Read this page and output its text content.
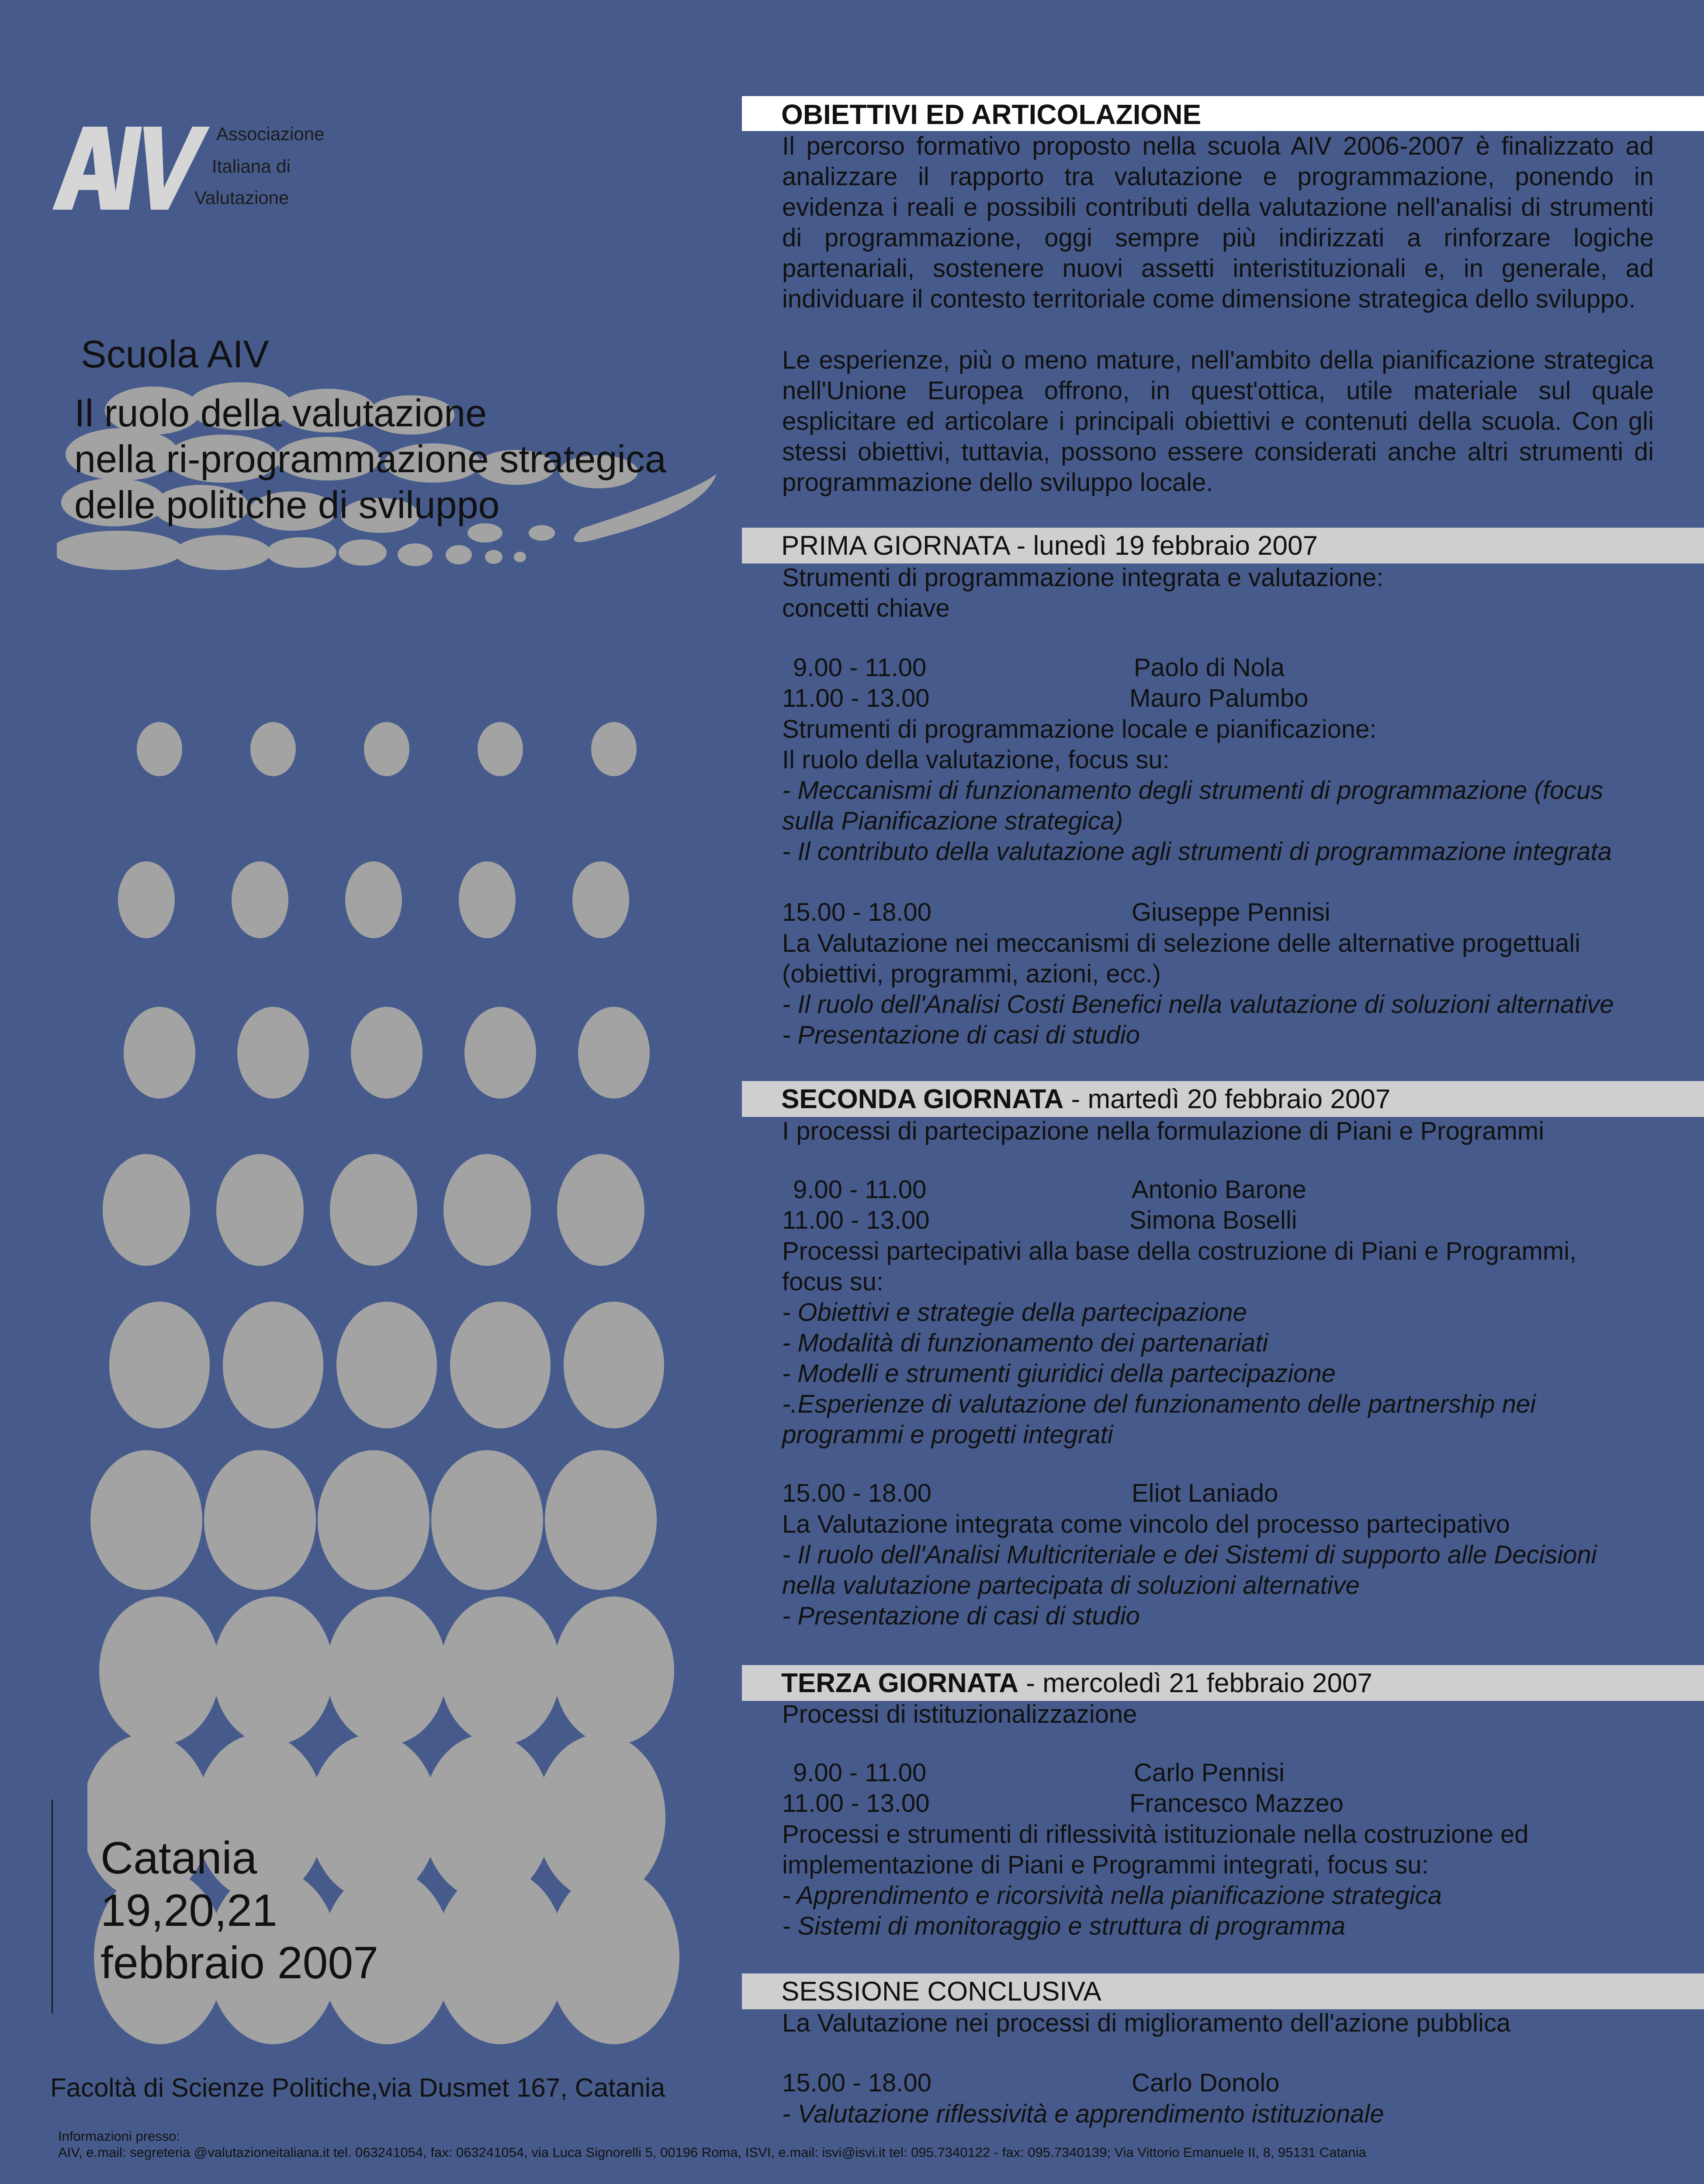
Associazione
Italiana di
Valutazione
Scuola AIV
Il ruolo della valutazione
nella ri-programmazione strategica
delle politiche di sviluppo
Catania
19,20,21
febbraio 2007
Facoltà di Scienze Politiche,via Dusmet 167, Catania
Informazioni presso:
AIV, e.mail: segreteria @valutazioneitaliana.it tel. 063241054, fax: 063241054, via Luca Signorelli 5, 00196 Roma, ISVI, e.mail: isvi@isvi.it tel: 095.7340122 - fax: 095.7340139; Via Vittorio Emanuele II, 8, 95131 Catania
OBIETTIVI ED ARTICOLAZIONE
Il percorso formativo proposto nella scuola AIV 2006-2007 è finalizzato ad analizzare il rapporto tra valutazione e programmazione, ponendo in evidenza i reali e possibili contributi della valutazione nell'analisi di strumenti di programmazione, oggi sempre più indirizzati a rinforzare logiche partenariali, sostenere nuovi assetti interistituzionali e, in generale, ad individuare il contesto territoriale come dimensione strategica dello sviluppo.
Le esperienze, più o meno mature, nell'ambito della pianificazione strategica nell'Unione Europea offrono, in quest'ottica, utile materiale sul quale esplicitare ed articolare i principali obiettivi e contenuti della scuola. Con gli stessi obiettivi, tuttavia, possono essere considerati anche altri strumenti di programmazione dello sviluppo locale.
PRIMA GIORNATA - lunedì 19 febbraio 2007
Strumenti di programmazione integrata e valutazione:
concetti chiave
9.00 - 11.00	Paolo di Nola
11.00 - 13.00	Mauro Palumbo
Strumenti di programmazione locale e pianificazione:
Il ruolo della valutazione, focus su:
- Meccanismi di funzionamento degli strumenti di programmazione (focus
sulla Pianificazione strategica)
- Il contributo della valutazione agli strumenti di programmazione integrata
15.00 - 18.00	Giuseppe Pennisi
La Valutazione nei meccanismi di selezione delle alternative progettuali
(obiettivi, programmi, azioni, ecc.)
- Il ruolo dell'Analisi Costi Benefici nella valutazione di soluzioni alternative
- Presentazione di casi di studio
SECONDA GIORNATA - martedì 20 febbraio 2007
I processi di partecipazione nella formulazione di Piani e Programmi
9.00 - 11.00	Antonio Barone
11.00 - 13.00	Simona Boselli
Processi partecipativi alla base della costruzione di Piani e Programmi,
focus su:
- Obiettivi e strategie della partecipazione
- Modalità di funzionamento dei partenariati
- Modelli e strumenti giuridici della partecipazione
-.Esperienze di valutazione del funzionamento delle partnership nei
programmi e progetti integrati
15.00 - 18.00	Eliot Laniado
La Valutazione integrata come vincolo del processo partecipativo
- Il ruolo dell'Analisi Multicriteriale e dei Sistemi di supporto alle Decisioni
nella valutazione partecipata di soluzioni alternative
- Presentazione di casi di studio
TERZA GIORNATA - mercoledì 21 febbraio 2007
Processi di istituzionalizzazione
9.00 - 11.00	Carlo Pennisi
11.00 - 13.00	Francesco Mazzeo
Processi e strumenti di riflessività istituzionale nella costruzione ed
implementazione di Piani e Programmi integrati, focus su:
- Apprendimento e ricorsività nella pianificazione strategica
- Sistemi di monitoraggio e struttura di programma
SESSIONE CONCLUSIVA
La Valutazione nei processi di miglioramento dell'azione pubblica
15.00 - 18.00	Carlo Donolo
- Valutazione riflessività e apprendimento istituzionale
